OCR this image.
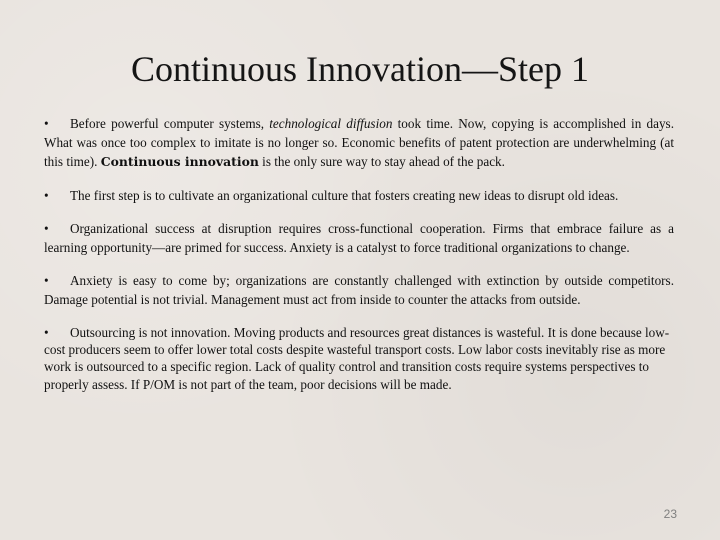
Continuous Innovation—Step 1

• Before powerful computer systems, technological diffusion took time. Now, copying is accomplished in days. What was once too complex to imitate is no longer so. Economic benefits of patent protection are underwhelming (at this time). Continuous innovation is the only sure way to stay ahead of the pack.

• The first step is to cultivate an organizational culture that fosters creating new ideas to disrupt old ideas.

• Organizational success at disruption requires cross-functional cooperation. Firms that embrace failure as a learning opportunity—are primed for success. Anxiety is a catalyst to force traditional organizations to change.

• Anxiety is easy to come by; organizations are constantly challenged with extinction by outside competitors. Damage potential is not trivial. Management must act from inside to counter the attacks from outside.

• Outsourcing is not innovation. Moving products and resources great distances is wasteful. It is done because low-cost producers seem to offer lower total costs despite wasteful transport costs. Low labor costs inevitably rise as more work is outsourced to a specific region. Lack of quality control and transition costs require systems perspectives to properly assess. If P/OM is not part of the team, poor decisions will be made.

23
